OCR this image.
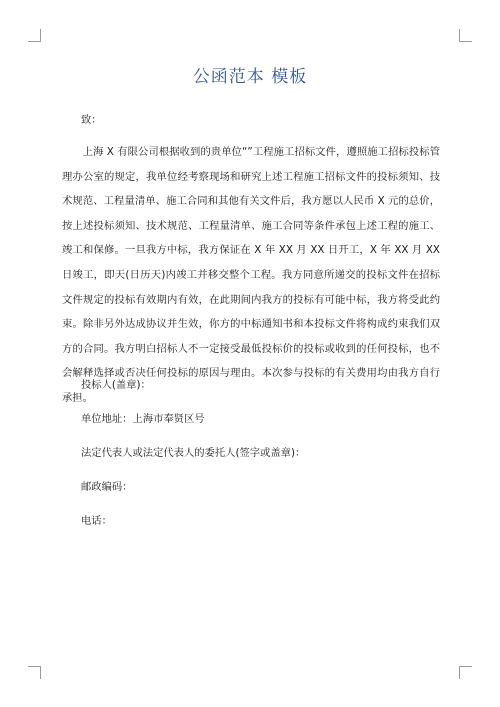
公函范本 模板
致：

上海 X 有限公司根据收到的贵单位“”工程施工招标文件，遵照施工招标投标管理办公室的规定，我单位经考察现场和研究上述工程施工招标文件的投标须知、技术规范、工程量清单、施工合同和其他有关文件后，我方愿以人民币 X 元的总价，按上述投标须知、技术规范、工程量清单、施工合同等条件承包上述工程的施工、竣工和保修。一旦我方中标，我方保证在 X 年 XX 月 XX 日开工，X 年 XX 月 XX 日竣工，即天(日历天)内竣工并移交整个工程。我方同意所递交的投标文件在招标文件规定的投标有效期内有效，在此期间内我方的投标有可能中标，我方将受此约束。除非另外达成协议并生效，你方的中标通知书和本投标文件将构成约束我们双方的合同。我方明白招标人不一定接受最低投标价的投标或收到的任何投标，也不会解释选择或否决任何投标的原因与理由。本次参与投标的有关费用均由我方自行承担。

投标人(盖章)：
单位地址：上海市奉贤区号
法定代表人或法定代表人的委托人(签字或盖章)：
邮政编码：
电话：
